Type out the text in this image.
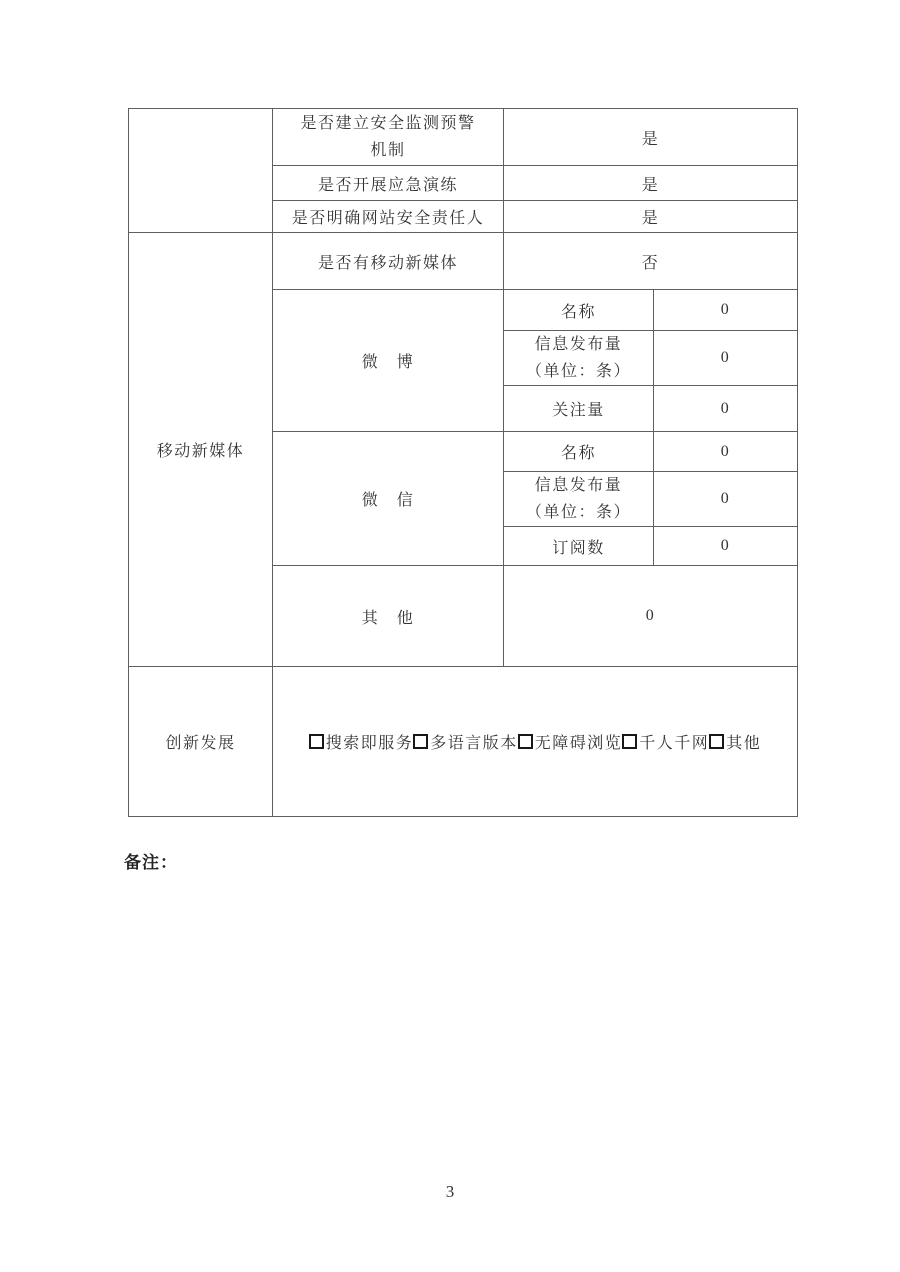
	是否建立安全监测预警
机制	是	
	是否开展应急演练	是	
	是否明确网站安全责任人	是	
移动新媒体	是否有移动新媒体	否	
	微　博	名称	0

		信息发布量
（单位：条）	0
		关注量	0
	微　信	名称	0

		信息发布量
（单位：条）	0
		订阅数	0
	其　他	0	
创新发展	搜索即服务 多语言版本 无障碍浏览 千人千网 其他		
备注：
3
